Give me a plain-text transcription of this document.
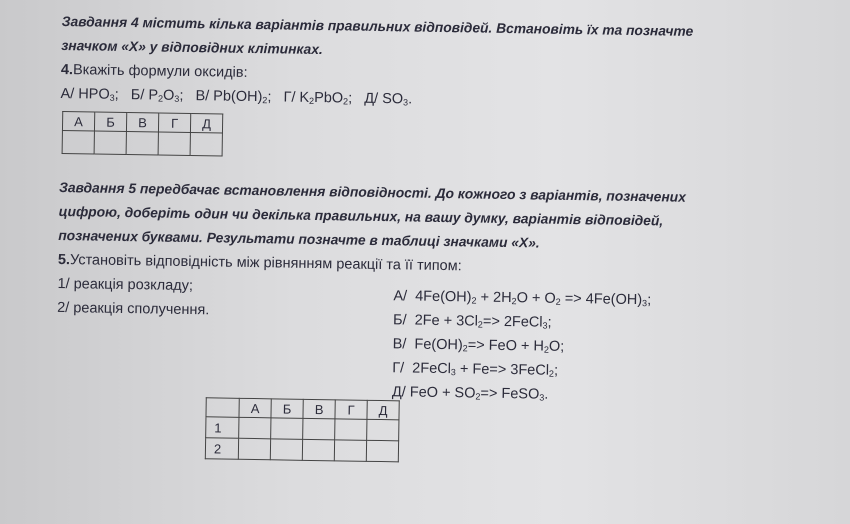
Завдання 4 містить кілька варіантів правильних відповідей. Встановіть їх та позначте
значком «Х» у відповідних клітинках.
4.Вкажіть формули оксидів:
А/ $HPO_3$; Б/ $P_2O_3$; В/ $Pb(OH)_2$; Г/ $K_2PbO_2$; Д/ $SO_3$.
А	Б	В	Г	Д

Завдання 5 передбачає встановлення відповідності. До кожного з варіантів, позначених
цифрою, доберіть один чи декілька правильних, на вашу думку, варіантів відповідей,
позначених буквами. Результати позначте в таблиці значками «Х».
5.Установіть відповідність між рівнянням реакції та її типом:
1/ реакція розкладу;
2/ реакція сполучення.
А/ $4Fe(OH)_2 + 2H_2O + O_2 => 4Fe(OH)_3$;
Б/ $2Fe + 3Cl_2=>$ 2FeCl$_3$;
В/ $Fe(OH)_2=>$ FeO + $H_2O$;
Г/ 2FeCl$_3$ + Fe=> 3FeCl$_2$;
Д/ FeO + $SO_2=>$ FeSO$_3$.
	А	Б	В	Г	Д
1					
2					
